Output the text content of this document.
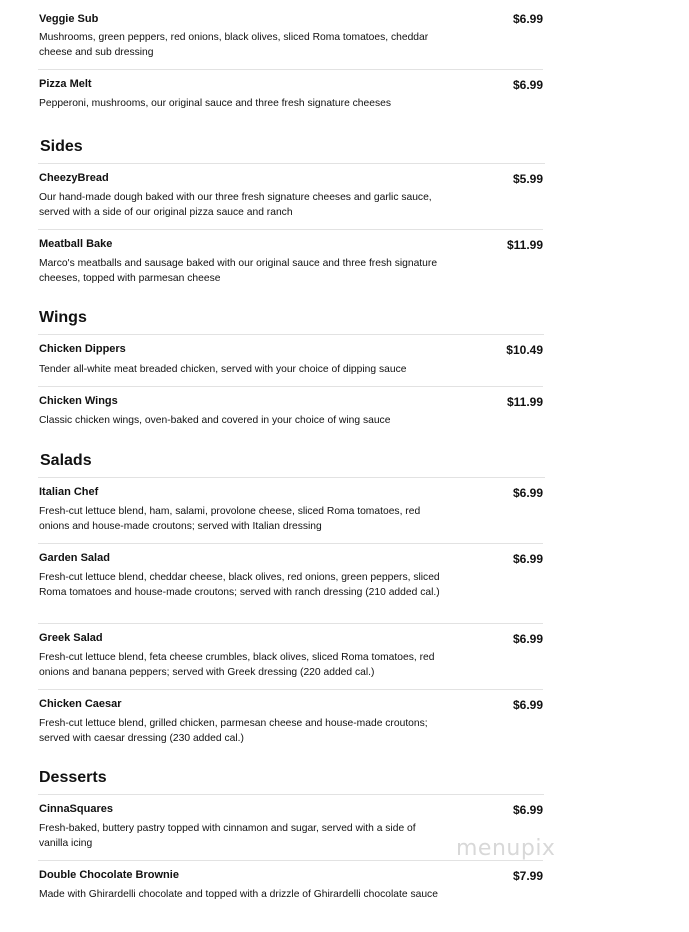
Veggie Sub	$6.99
Mushrooms, green peppers, red onions, black olives, sliced Roma tomatoes, cheddar cheese and sub dressing
Pizza Melt	$6.99
Pepperoni, mushrooms, our original sauce and three fresh signature cheeses
Sides
CheezyBread	$5.99
Our hand-made dough baked with our three fresh signature cheeses and garlic sauce, served with a side of our original pizza sauce and ranch
Meatball Bake	$11.99
Marco's meatballs and sausage baked with our original sauce and three fresh signature cheeses, topped with parmesan cheese
Wings
Chicken Dippers	$10.49
Tender all-white meat breaded chicken, served with your choice of dipping sauce
Chicken Wings	$11.99
Classic chicken wings, oven-baked and covered in your choice of wing sauce
Salads
Italian Chef	$6.99
Fresh-cut lettuce blend, ham, salami, provolone cheese, sliced Roma tomatoes, red onions and house-made croutons; served with Italian dressing
Garden Salad	$6.99
Fresh-cut lettuce blend, cheddar cheese, black olives, red onions, green peppers, sliced Roma tomatoes and house-made croutons; served with ranch dressing (210 added cal.)
Greek Salad	$6.99
Fresh-cut lettuce blend, feta cheese crumbles, black olives, sliced Roma tomatoes, red onions and banana peppers; served with Greek dressing (220 added cal.)
Chicken Caesar	$6.99
Fresh-cut lettuce blend, grilled chicken, parmesan cheese and house-made croutons; served with caesar dressing (230 added cal.)
Desserts
CinnaSquares	$6.99
Fresh-baked, buttery pastry topped with cinnamon and sugar, served with a side of vanilla icing
Double Chocolate Brownie	$7.99
Made with Ghirardelli chocolate and topped with a drizzle of Ghirardelli chocolate sauce
menupix
